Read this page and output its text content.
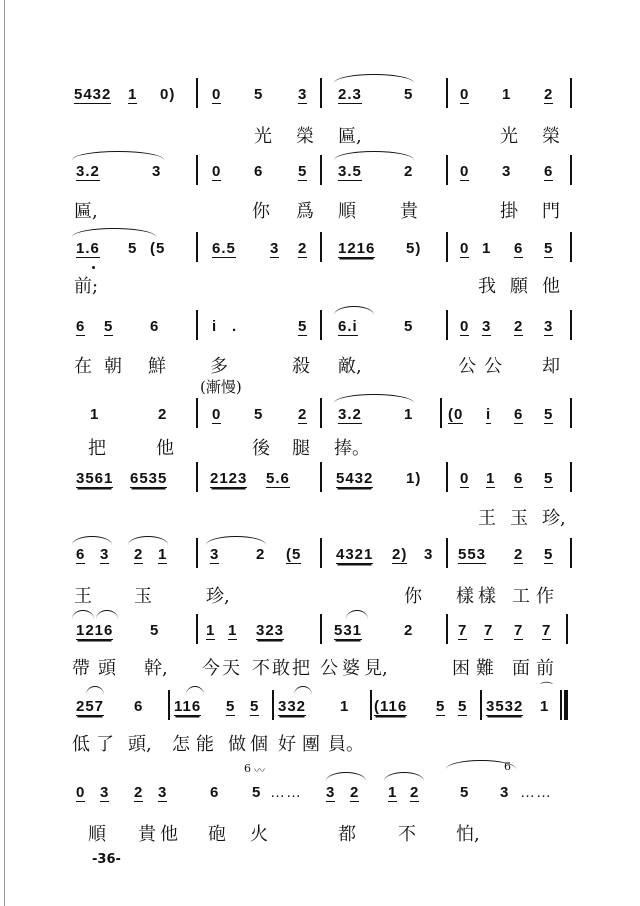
5432 1 0) 0 5 3 2.3	5	0 1 2
光 榮 匾,	光 榮
3.2	3	0 6 5 3.5	2	0 3 6
匾,	你 爲 順 貴	掛 門
1.6 5 (5	6.5 3 2 1216 5)	0 1 6 5
前;	我 願 他
6 5 6	i .	5 6.i	5	0 3 2 3
在 朝 鮮 多	殺 敵,	公 公 却
(漸慢)
1	2	0 5 2 3.2	1 (0 i 6 5
把	他	後 腿 捧。
3561 6535	2123 5.6	5432 1)	0 1 6 5
王 玉 珍,
6 3 2 1	3 2 (5 4321 2) 3 553 2 5
王 玉	珍,	你 樣 樣 工 作
1216 5	1 1 323	531	2	7 7 7 7
帶 頭 幹, 今 天 不 敢 把 公 婆 見,	困 難 面 前
257 6 116 5 5 332 1 (116 5 5 3532 1
⌒
低 了 頭, 怎 能 做 個 好 團 員。
0 3 2 3	6
6 〰
5 …… 3 2 1 2	5
6
3 ……
順 貴 他 砲 火	都 不 怕,
-36-
